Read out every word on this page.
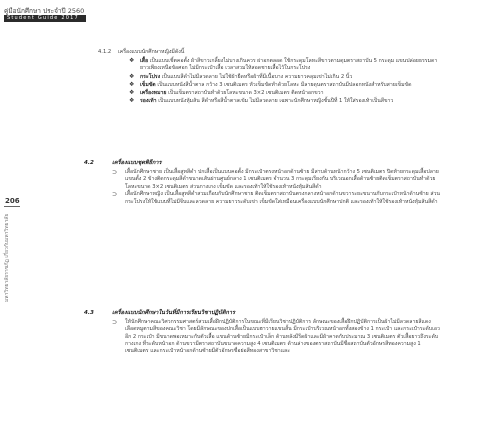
คู่มือนักศึกษา ประจำปี 2560
Student Guide 2017
206
มหาวิทยาลัยราชภัฏ เกี่ยวกับมหาวิทยาลัย
4.1.2 เครื่องแบบนักศึกษาหญิงมีดังนี้
❖ เสื้อ เป็นแบบเชิ้ตคอตั้ง ผ้าสีขาวเกลี้ยงไม่บางเกินควร ผ่าอกตลอด ใช้กระดุมโลหะสีขาวตามดุมตราสถาบัน 5 กระดุม แขนปล่อยธรรมดา ยาวเพียงเหนือข้อศอก ไม่มีกระเป๋าเสื้อ เวลาสวมให้สอดชายเสื้อไว้ในกระโปรง
❖ กระโปรง เป็นแบบสีดำไม่มีลวดลาย ไม่ใช้ผ้ายืดหรือผ้าที่มีเนื้อบาง ความยาวคลุมเข่าไม่เกิน 2 นิ้ว
❖ เข็มขัด เป็นแบบหนังสีน้ำตาล กว้าง 3 เซนติเมตร หัวเข็มขัดทำด้วยโลหะ มีลายดุนตราสถาบันมีปลอกหนังสำหรับสายเข็มขัด
❖ เครื่องหมาย เป็นเข็มตราสถาบันทำด้วยโลหะขนาด 3×2 เซนติเมตร ติดหน้าอกขวา
❖ รองเท้า เป็นแบบหนังหุ้มส้น สีดำหรือสีน้ำตาลเข้ม ไม่มีลวดลาย เฉพาะนักศึกษาหญิงชั้นปีที่ 1 ให้ใส่รองเท้าเป็นสีขาว
4.2	เครื่องแบบชุดพิธีการ
⊃ เสื้อนักศึกษาชาย เป็นเสื้อสูทสีดำ ปกเสื้อเป็นแบบคอตั้ง มีกระเป๋าตรงหน้าอกด้านซ้าย มีสาบด้านหน้ากว้าง 5 เซนติเมตร ปิดท้ายกระดุมเสื้อปลายแขนตั้ง 2 ข้างติดกระดุมสีดำขนาดเส้นผ่านศูนย์กลาง 1 เซนติเมตร จำนวน 3 กระดุมเรียงกัน บริเวณอกเสื้อด้านซ้ายติดเข็มตราสถาบันทำด้วยโลหะขนาด 3×2 เซนติเมตร ส่วนกางเกง เข็มขัด และรองเท้าให้ใช้รองเท้าหนังหุ้มส้นสีดำ
⊃ เสื้อนักศึกษาหญิง เป็นเสื้อสูทสีดำสวมเกือบกับนักศึกษาชาย ติดเข็มตราสถาบันตรงกลางหน้าอกด้านขวาระยะขนานกับกระเป๋าหน้าด้านซ้าย ส่วนกระโปรงให้ใช้แบบที่ไม่มีจีบและลวดลาย ความยาวระดับเข่า เข็มขัดใส่เหมือนเครื่องแบบนักศึกษาปกติ และรองเท้าให้ใช้รองเท้าหนังหุ้มส้นสีดำ
4.3	เครื่องแบบนักศึกษาในวันที่มีการเรียนวิชาปฏิบัติการ
⊃ ให้นักศึกษาคณะวิศวกรรมศาสตร์สวมเสื้อฝึกปฏิบัติการในขณะที่มีเรียนวิชาปฏิบัติการ ลักษณะของเสื้อฝึกปฏิบัติการเป็นผ้าไม่มีลวดลายสีแดงเลือดหมูตามสีของคณะวิชา โดยมีลักษณะของปกเสื้อเป็นแบบฮาวายแขนสั้น มีกระเป๋าบริเวณหน้าอกทั้งสองข้าง 1 กระเป๋า และกระเป๋าระดับเอวอีก 2 กระเป๋า มีขนาดพอเหมาะกับตัวเสื้อ แขนด้านซ้ายมีกระเป๋าเล็ก ด้านหลังมีรีดผ้าและมีผ้าคาดกับประมาณ 3 เซนติเมตร ตัวเสื้อยาวถึงระดับกางเกง ที่ระดับหน้าอก ด้านขวามีตราสถาบันขนาดความสูง 4 เซนติเมตร ด้านล่างของตราสถาบันมีชื่อสถาบันตัวอักษรสีทองความสูง 1 เซนติเมตร และกระเป๋าหน้าอกด้านซ้ายมีตัวอักษรชื่อย่อสีทองสาขาวิชาและ
